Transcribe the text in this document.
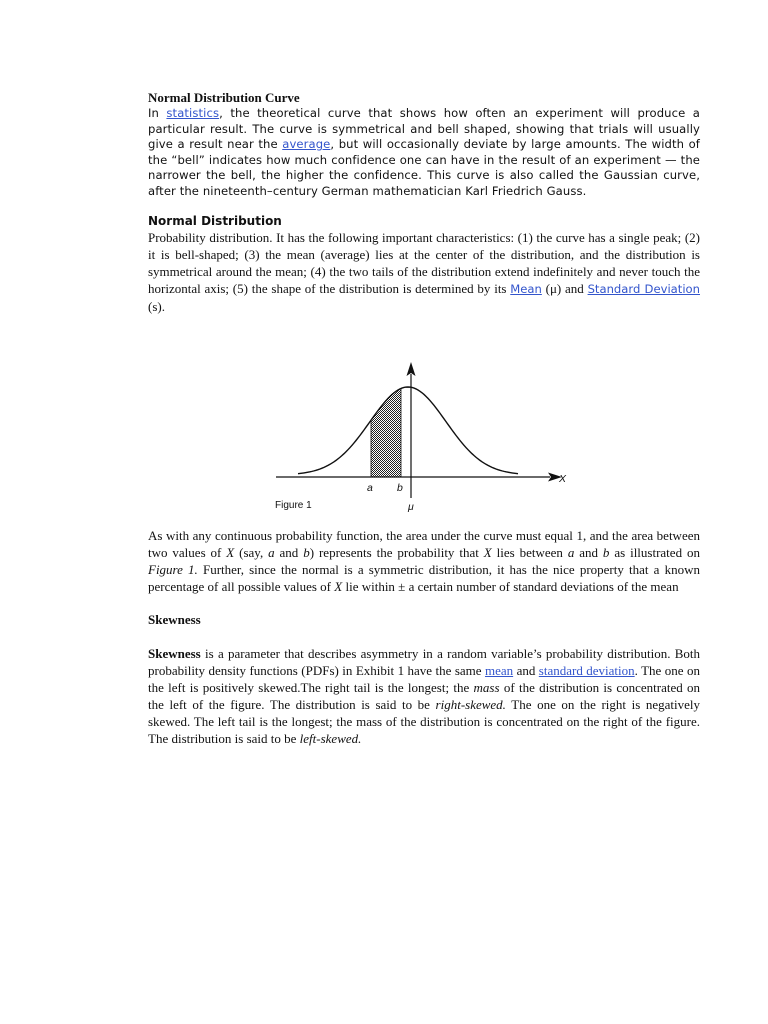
Normal Distribution Curve

In statistics, the theoretical curve that shows how often an experiment will produce a particular result. The curve is symmetrical and bell shaped, showing that trials will usually give a result near the average, but will occasionally deviate by large amounts. The width of the “bell” indicates how much confidence one can have in the result of an experiment — the narrower the bell, the higher the confidence. This curve is also called the Gaussian curve, after the nineteenth–century German mathematician Karl Friedrich Gauss.

Normal Distribution

Probability distribution. It has the following important characteristics: (1) the curve has a single peak; (2) it is bell-shaped; (3) the mean (average) lies at the center of the distribution, and the distribution is symmetrical around the mean; (4) the two tails of the distribution extend indefinitely and never touch the horizontal axis; (5) the shape of the distribution is determined by its Mean (μ) and Standard Deviation (s).

As with any continuous probability function, the area under the curve must equal 1, and the area between two values of X (say, a and b) represents the probability that X lies between a and b as illustrated on Figure 1. Further, since the normal is a symmetric distribution, it has the nice property that a known percentage of all possible values of X lie within ± a certain number of standard deviations of the mean

Skewness

Skewness is a parameter that describes asymmetry in a random variable’s probability distribution. Both probability density functions (PDFs) in Exhibit 1 have the same mean and standard deviation. The one on the left is positively skewed.The right tail is the longest; the mass of the distribution is concentrated on the left of the figure. The distribution is said to be right-skewed. The one on the right is negatively skewed. The left tail is the longest; the mass of the distribution is concentrated on the right of the figure. The distribution is said to be left-skewed.

X
a b
μ
Figure 1
